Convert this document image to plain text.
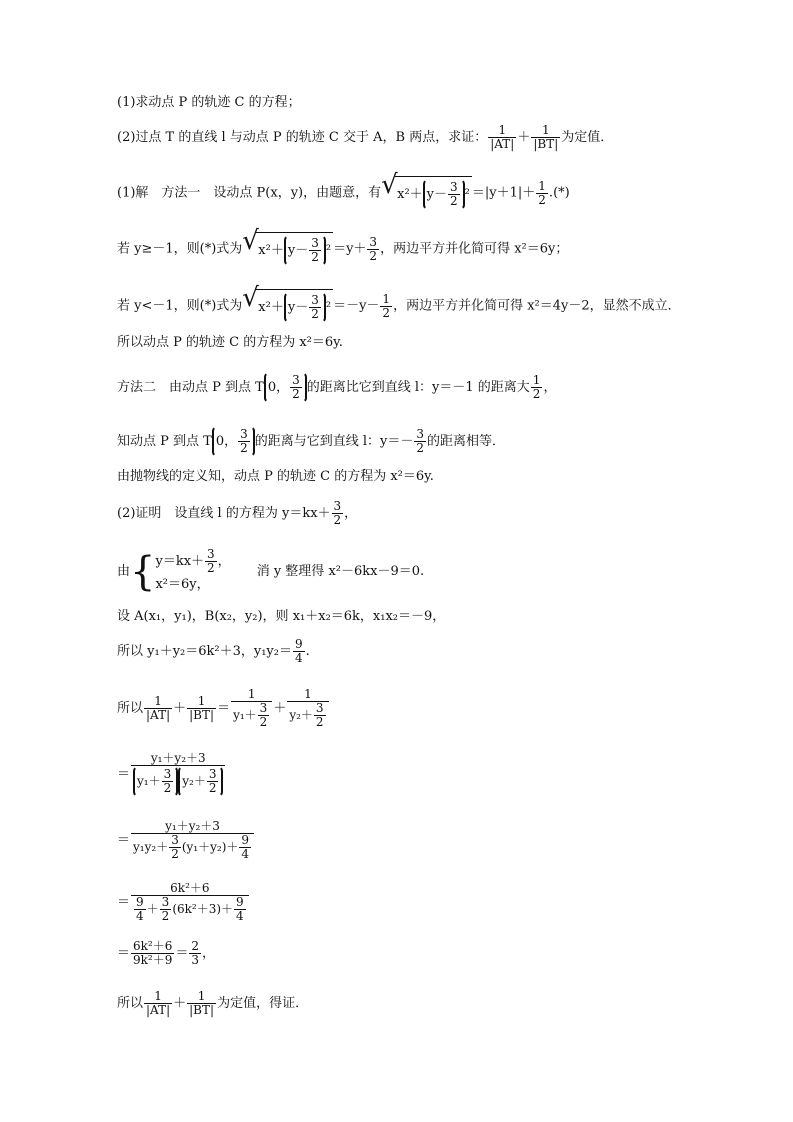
(1)求动点 P 的轨迹 C 的方程；
(2)过点 T 的直线 l 与动点 P 的轨迹 C 交于 A，B 两点，求证： $\frac{1}{|AT|} + \frac{1}{|BT|}$ 为定值．
(1)解　方法一　设动点 P(x，y)，由题意，有 √ $x^2+ y- \frac{3}{2} ^2 =|y+1|+ \frac{1}{2}$ .(*)
若 y≥－1，则(*)式为 √ $x^2+ y- \frac{3}{2} ^2 =y+ \frac{3}{2}$ ，两边平方并化简可得 x²＝6y；
若 y<－1，则(*)式为 √ $x^2+ y- \frac{3}{2} ^2 =-y- \frac{1}{2}$ ，两边平方并化简可得 x²＝4y－2，显然不成立．
所以动点 P 的轨迹 C 的方程为 x²＝6y.
方法二　由动点 P 到点 T 0， $\frac{3}{2}$ 的距离比它到直线 l：y＝－1 的距离大 $\frac{1}{2}$ ，
知动点 P 到点 T 0， $\frac{3}{2}$ 的距离与它到直线 l：$y=- \frac{3}{2}$ 的距离相等．
由抛物线的定义知，动点 P 的轨迹 C 的方程为 x²＝6y.
(2)证明　设直线 l 的方程为 $y=kx+ \frac{3}{2}$ ，
由{ $y=kx+ \frac{3}{2}$ ，
x²＝6y，
　　消 y 整理得 x²－6kx－9＝0.
设 A(x₁，y₁)，B(x₂，y₂)，则 x₁＋x₂＝6k，x₁x₂＝－9，
所以 y₁＋y₂＝6k²＋3，$y_1y_2= \frac{9}{4}$ .
所以 $\frac{1}{|AT|} + \frac{1}{|BT|} = \frac{1}{y_1+ \frac{3}{2}} + \frac{1}{y_2+ \frac{3}{2}}$
＝ $\frac{\text{y₁＋y₂＋3}}{y_1+ \frac{3}{2} y_2+ \frac{3}{2}}$
＝ $\frac{\text{y₁＋y₂＋3}}{y_1y_2+ \frac{3}{2} (y_1+y_2)+ \frac{9}{4}}$
＝ $\frac{\text{6k²＋6}}{\frac{9}{4} + \frac{3}{2} (6k^2+3)+ \frac{9}{4}}$
＝ $\frac{\text{6k²＋6}}{\text{9k²＋9}} = \frac{2}{3}$ ，
所以 $\frac{1}{|AT|} + \frac{1}{|BT|}$ 为定值，得证．
